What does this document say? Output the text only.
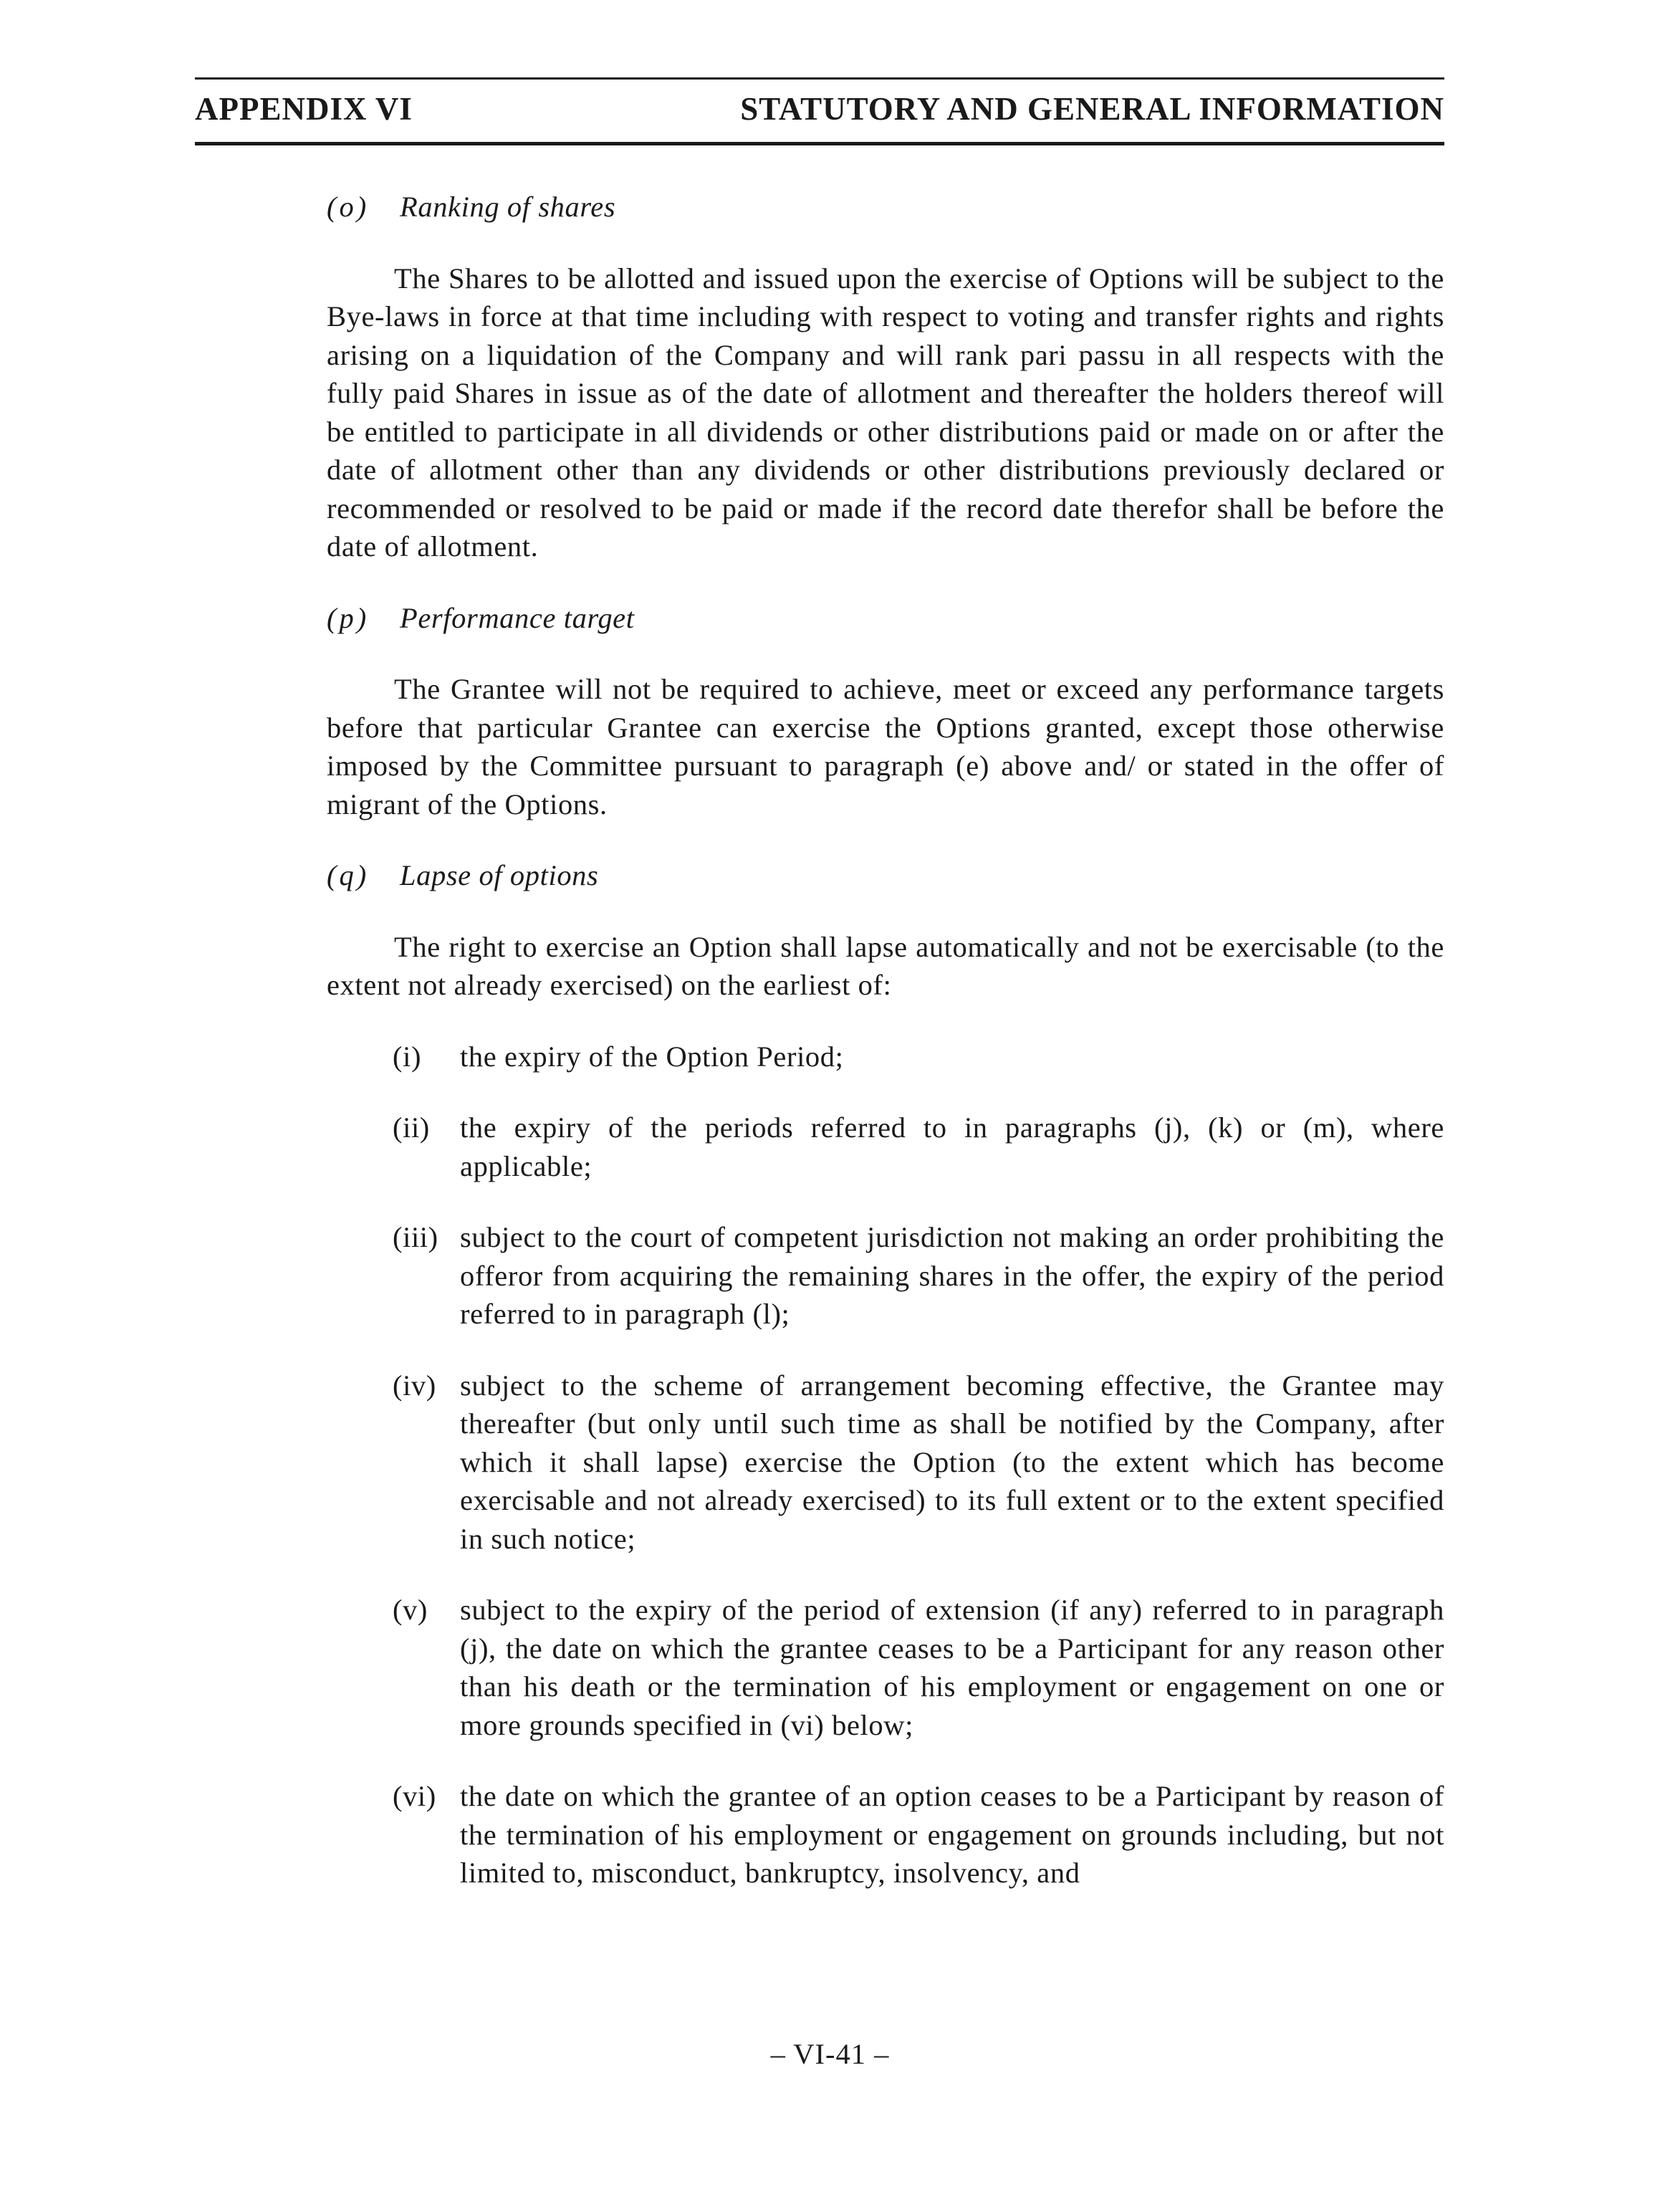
APPENDIX VI	STATUTORY AND GENERAL INFORMATION
(o) Ranking of shares

The Shares to be allotted and issued upon the exercise of Options will be subject to the Bye-laws in force at that time including with respect to voting and transfer rights and rights arising on a liquidation of the Company and will rank pari passu in all respects with the fully paid Shares in issue as of the date of allotment and thereafter the holders thereof will be entitled to participate in all dividends or other distributions paid or made on or after the date of allotment other than any dividends or other distributions previously declared or recommended or resolved to be paid or made if the record date therefor shall be before the date of allotment.

(p) Performance target

The Grantee will not be required to achieve, meet or exceed any performance targets before that particular Grantee can exercise the Options granted, except those otherwise imposed by the Committee pursuant to paragraph (e) above and/ or stated in the offer of migrant of the Options.

(q) Lapse of options

The right to exercise an Option shall lapse automatically and not be exercisable (to the extent not already exercised) on the earliest of:

(i) the expiry of the Option Period;
(ii) the expiry of the periods referred to in paragraphs (j), (k) or (m), where applicable;
(iii) subject to the court of competent jurisdiction not making an order prohibiting the offeror from acquiring the remaining shares in the offer, the expiry of the period referred to in paragraph (l);
(iv) subject to the scheme of arrangement becoming effective, the Grantee may thereafter (but only until such time as shall be notified by the Company, after which it shall lapse) exercise the Option (to the extent which has become exercisable and not already exercised) to its full extent or to the extent specified in such notice;
(v) subject to the expiry of the period of extension (if any) referred to in paragraph (j), the date on which the grantee ceases to be a Participant for any reason other than his death or the termination of his employment or engagement on one or more grounds specified in (vi) below;
(vi) the date on which the grantee of an option ceases to be a Participant by reason of the termination of his employment or engagement on grounds including, but not limited to, misconduct, bankruptcy, insolvency, and
– VI-41 –
